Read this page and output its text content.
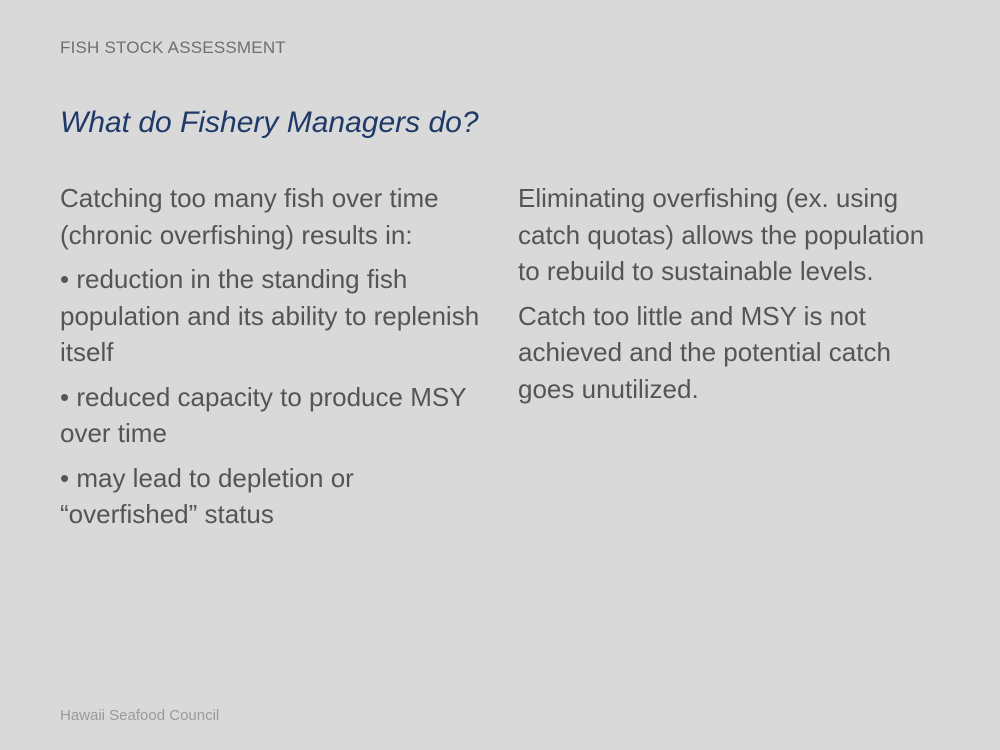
FISH STOCK ASSESSMENT
What do Fishery Managers do?

Catching too many fish over time (chronic overfishing) results in:

• reduction in the standing fish population and its ability to replenish itself

• reduced capacity to produce MSY over time

• may lead to depletion or “overfished” status

Eliminating overfishing (ex. using catch quotas) allows the population to rebuild to sustainable levels.

Catch too little and MSY is not achieved and the potential catch goes unutilized.

Hawaii Seafood Council
